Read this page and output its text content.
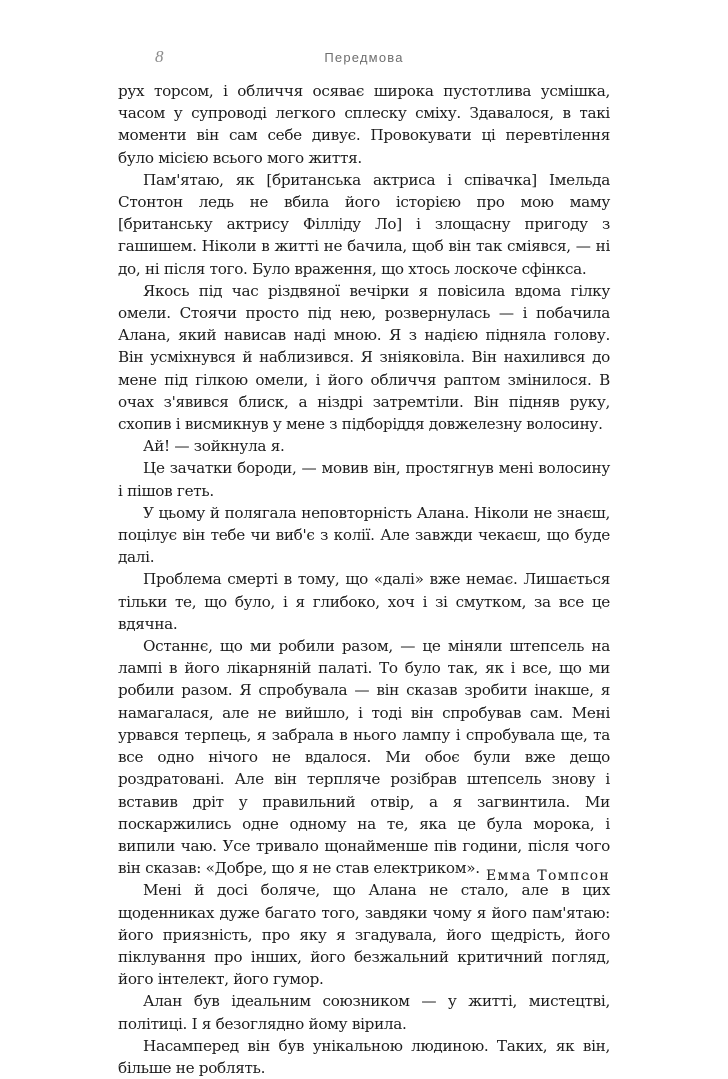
8	Передмова

рух торсом, і обличчя осяває широка пустотлива усмішка, часом у супроводі легкого сплеску сміху. Здавалося, в такі моменти він сам себе дивує. Провокувати ці перевтілення було місією всього мого життя.

Пам'ятаю, як [британська актриса і співачка] Імельда Стонтон ледь не вбила його історією про мою маму [британську актрису Філліду Ло] і злощасну пригоду з гашишем. Ніколи в житті не бачила, щоб він так сміявся, — ні до, ні після того. Було враження, що хтось лоскоче сфінкса.

Якось під час різдвяної вечірки я повісила вдома гілку омели. Стоячи просто під нею, розвернулась — і побачила Алана, який нависав наді мною. Я з надією підняла голову. Він усміхнувся й наблизився. Я зніяковіла. Він нахилився до мене під гілкою омели, і його обличчя раптом змінилося. В очах з'явився блиск, а ніздрі затремтіли. Він підняв руку, схопив і висмикнув у мене з підборіддя довжелезну волосину.

Ай! — зойкнула я.

Це зачатки бороди, — мовив він, простягнув мені волосину і пішов геть.

У цьому й полягала неповторність Алана. Ніколи не знаєш, поцілує він тебе чи виб'є з колії. Але завжди чекаєш, що буде далі.

Проблема смерті в тому, що «далі» вже немає. Лишається тільки те, що було, і я глибоко, хоч і зі смутком, за все це вдячна.

Останнє, що ми робили разом, — це міняли штепсель на лампі в його лікарняній палаті. То було так, як і все, що ми робили разом. Я спробувала — він сказав зробити інакше, я намагалася, але не вийшло, і тоді він спробував сам. Мені урвався терпець, я забрала в нього лампу і спробувала ще, та все одно нічого не вдалося. Ми обоє були вже дещо роздратовані. Але він терпляче розібрав штепсель знову і вставив дріт у правильний отвір, а я загвинтила. Ми поскаржились одне одному на те, яка це була морока, і випили чаю. Усе тривало щонайменше пів години, після чого він сказав: «Добре, що я не став електриком».

Мені й досі боляче, що Алана не стало, але в цих щоденниках дуже багато того, завдяки чому я його пам'ятаю: його приязність, про яку я згадувала, його щедрість, його піклування про інших, його безжальний критичний погляд, його інтелект, його гумор.

Алан був ідеальним союзником — у житті, мистецтві, політиці. І я безоглядно йому вірила.

Насамперед він був унікальною людиною. Таких, як він, більше не роблять.

Емма Томпсон
